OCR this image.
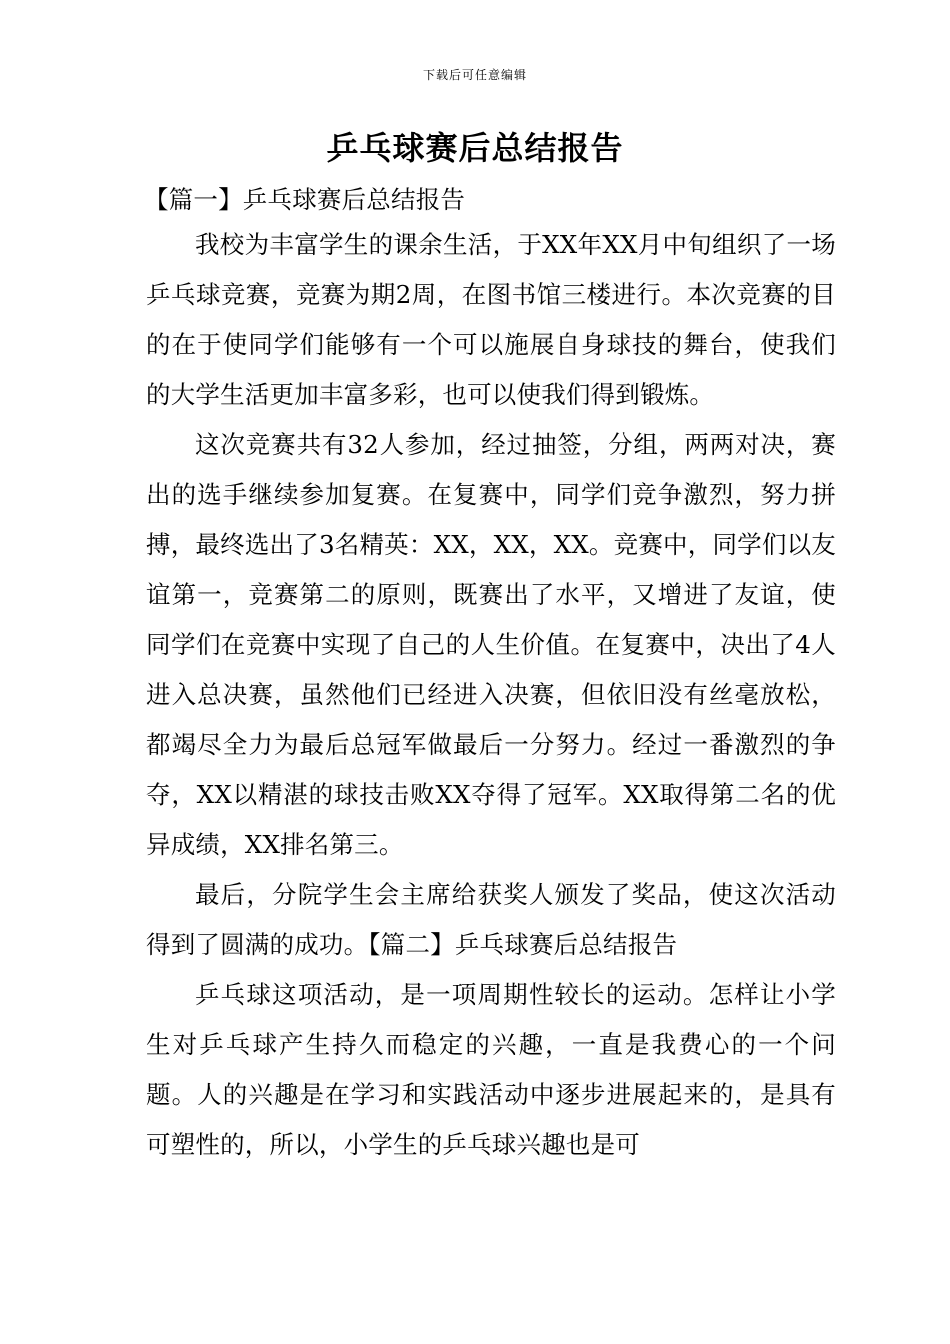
下载后可任意编辑
乒乓球赛后总结报告
【篇一】乒乓球赛后总结报告

我校为丰富学生的课余生活，于XX年XX月中旬组织了一场乒乓球竞赛，竞赛为期2周，在图书馆三楼进行。本次竞赛的目的在于使同学们能够有一个可以施展自身球技的舞台，使我们的大学生活更加丰富多彩，也可以使我们得到锻炼。

这次竞赛共有32人参加，经过抽签，分组，两两对决，赛出的选手继续参加复赛。在复赛中，同学们竞争激烈，努力拼搏，最终选出了3名精英：XX，XX，XX。竞赛中，同学们以友谊第一，竞赛第二的原则，既赛出了水平，又增进了友谊，使同学们在竞赛中实现了自己的人生价值。在复赛中，决出了4人进入总决赛，虽然他们已经进入决赛，但依旧没有丝毫放松，都竭尽全力为最后总冠军做最后一分努力。经过一番激烈的争夺，XX以精湛的球技击败XX夺得了冠军。XX取得第二名的优异成绩，XX排名第三。

最后，分院学生会主席给获奖人颁发了奖品，使这次活动得到了圆满的成功。【篇二】乒乓球赛后总结报告

乒乓球这项活动，是一项周期性较长的运动。怎样让小学生对乒乓球产生持久而稳定的兴趣，一直是我费心的一个问题。人的兴趣是在学习和实践活动中逐步进展起来的，是具有可塑性的，所以，小学生的乒乓球兴趣也是可
